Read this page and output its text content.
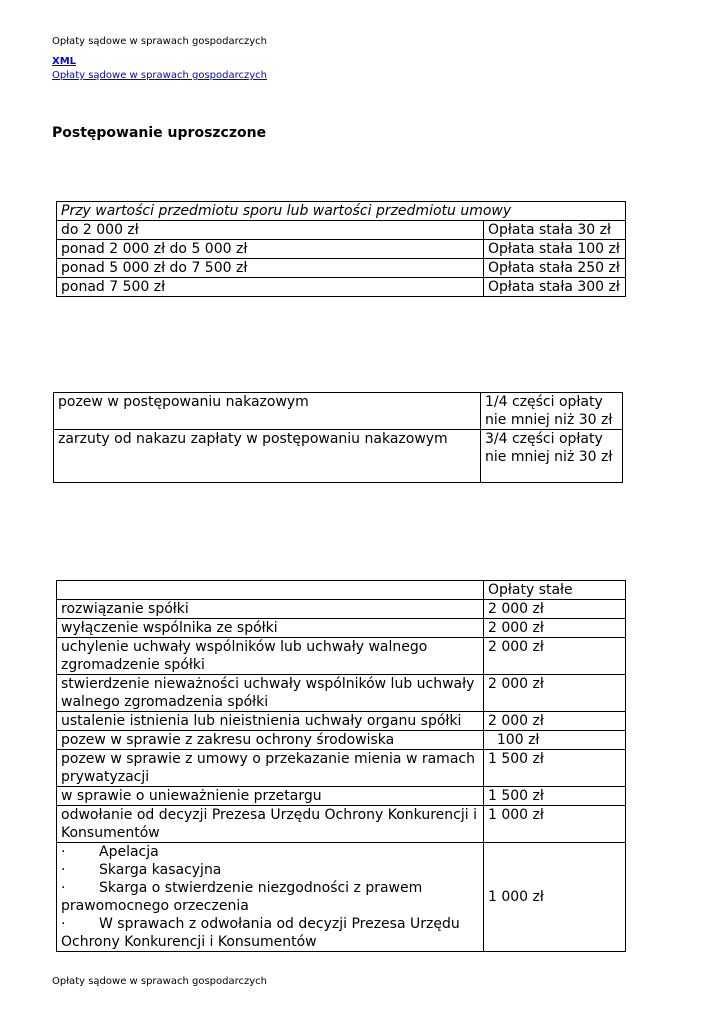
Opłaty sądowe w sprawach gospodarczych
XML
Opłaty sądowe w sprawach gospodarczych
Postępowanie uproszczone
Przy wartości przedmiotu sporu lub wartości przedmiotu umowy	
do 2 000 zł	Opłata stała 30 zł
ponad 2 000 zł do 5 000 zł	Opłata stała 100 zł
ponad 5 000 zł do 7 500 zł	Opłata stała 250 zł
ponad 7 500 zł	Opłata stała 300 zł
pozew w postępowaniu nakazowym	1/4 części opłaty
nie mniej niż 30 zł

zarzuty od nakazu zapłaty w postępowaniu nakazowym	3/4 części opłaty
nie mniej niż 30 zł
	Opłaty stałe
rozwiązanie spółki	2 000 zł
wyłączenie wspólnika ze spółki	2 000 zł
uchylenie uchwały wspólników lub uchwały walnego zgromadzenie spółki	2 000 zł
stwierdzenie nieważności uchwały wspólników lub uchwały walnego zgromadzenia spółki	2 000 zł
ustalenie istnienia lub nieistnienia uchwały organu spółki	2 000 zł
pozew w sprawie z zakresu ochrony środowiska	100 zł
pozew w sprawie z umowy o przekazanie mienia w ramach prywatyzacji	1 500 zł
w sprawie o unieważnienie przetargu	1 500 zł
odwołanie od decyzji Prezesa Urzędu Ochrony Konkurencji i Konsumentów	1 000 zł

· Apelacja
· Skarga kasacyjna
· Skarga o stwierdzenie niezgodności z prawem prawomocnego orzeczenia
· W sprawach z odwołania od decyzji Prezesa Urzędu Ochrony Konkurencji i Konsumentów	1 000 zł
Opłaty sądowe w sprawach gospodarczych
